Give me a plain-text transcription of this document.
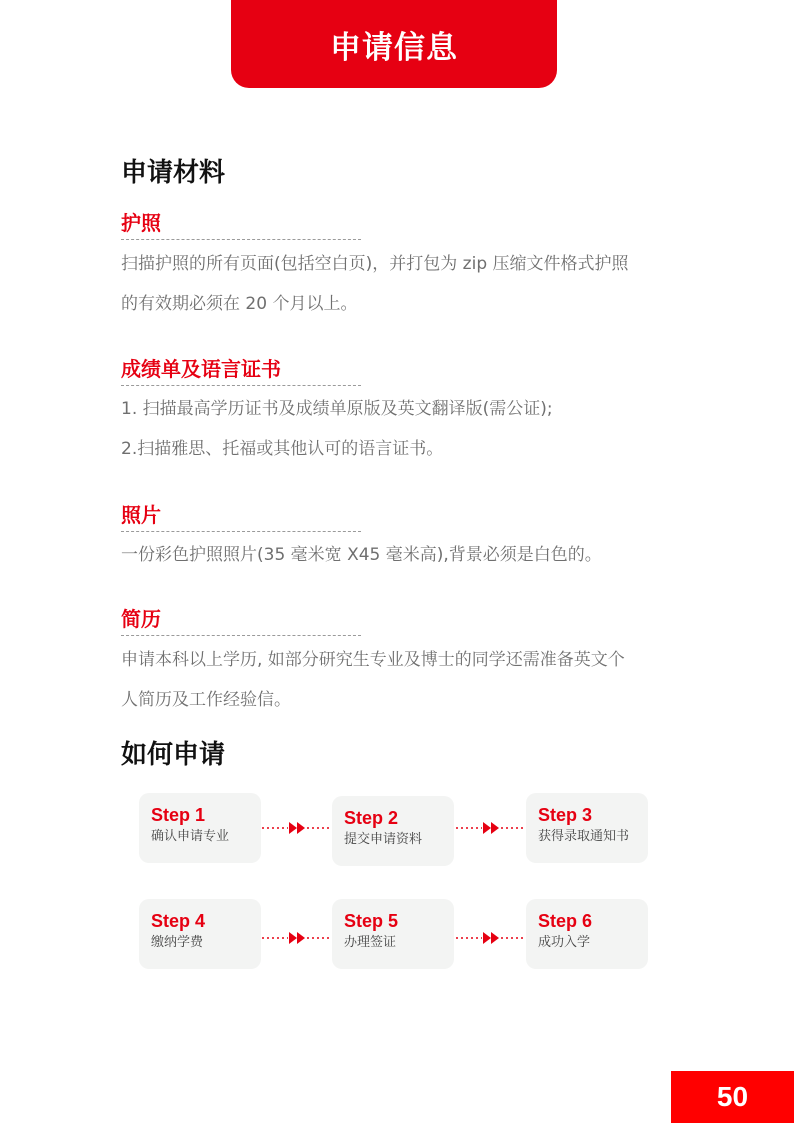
申请信息
申请材料
护照
扫描护照的所有页面(包括空白页)，并打包为 zip 压缩文件格式护照
的有效期必须在 20 个月以上。
成绩单及语言证书
1. 扫描最高学历证书及成绩单原版及英文翻译版(需公证);
2.扫描雅思、托福或其他认可的语言证书。
照片
一份彩色护照照片(35 毫米宽 X45 毫米高),背景必须是白色的。
简历
申请本科以上学历, 如部分研究生专业及博士的同学还需准备英文个
人简历及工作经验信。
如何申请
Step 1
确认申请专业
Step 2
提交申请资料
Step 3
获得录取通知书
Step 4
缴纳学费
Step 5
办理签证
Step 6
成功入学
50
